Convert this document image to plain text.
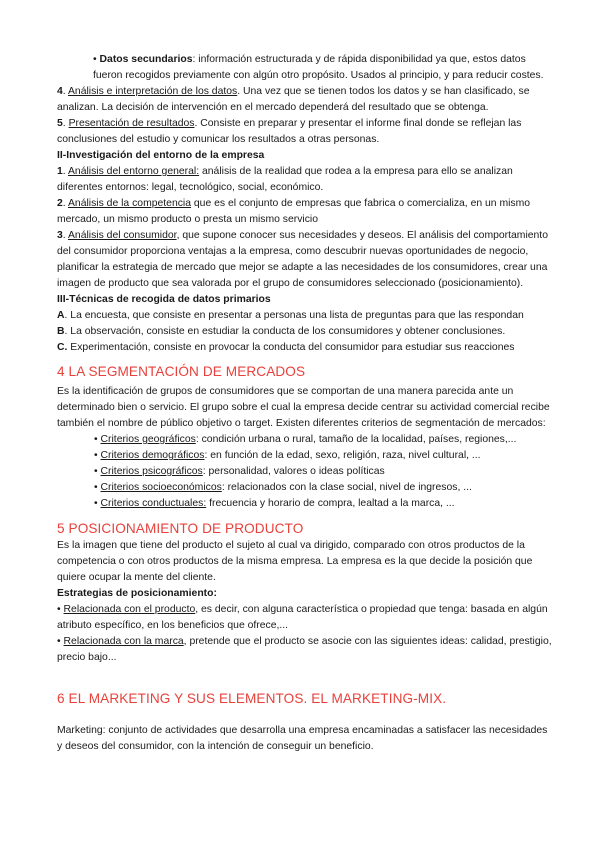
• Datos secundarios: información estructurada y de rápida disponibilidad ya que, estos datos fueron recogidos previamente con algún otro propósito. Usados al principio, y para reducir costes.

4. Análisis e interpretación de los datos. Una vez que se tienen todos los datos y se han clasificado, se analizan. La decisión de intervención en el mercado dependerá del resultado que se obtenga.

5. Presentación de resultados. Consiste en preparar y presentar el informe final donde se reflejan las conclusiones del estudio y comunicar los resultados a otras personas.

II-Investigación del entorno de la empresa

1. Análisis del entorno general: análisis de la realidad que rodea a la empresa para ello se analizan diferentes entornos: legal, tecnológico, social, económico.

2. Análisis de la competencia que es el conjunto de empresas que fabrica o comercializa, en un mismo mercado, un mismo producto o presta un mismo servicio

3. Análisis del consumidor, que supone conocer sus necesidades y deseos. El análisis del comportamiento del consumidor proporciona ventajas a la empresa, como descubrir nuevas oportunidades de negocio, planificar la estrategia de mercado que mejor se adapte a las necesidades de los consumidores, crear una imagen de producto que sea valorada por el grupo de consumidores seleccionado (posicionamiento).

III-Técnicas de recogida de datos primarios

A. La encuesta, que consiste en presentar a personas una lista de preguntas para que las respondan

B. La observación, consiste en estudiar la conducta de los consumidores y obtener conclusiones.

C. Experimentación, consiste en provocar la conducta del consumidor para estudiar sus reacciones

4 LA SEGMENTACIÓN DE MERCADOS

Es la identificación de grupos de consumidores que se comportan de una manera parecida ante un determinado bien o servicio. El grupo sobre el cual la empresa decide centrar su actividad comercial recibe también el nombre de público objetivo o target. Existen diferentes criterios de segmentación de mercados:

• Criterios geográficos: condición urbana o rural, tamaño de la localidad, países, regiones,...

• Criterios demográficos: en función de la edad, sexo, religión, raza, nivel cultural, ...

• Criterios psicográficos: personalidad, valores o ideas políticas

• Criterios socioeconómicos: relacionados con la clase social, nivel de ingresos, ...

• Criterios conductuales: frecuencia y horario de compra, lealtad a la marca, ...

5 POSICIONAMIENTO DE PRODUCTO

Es la imagen que tiene del producto el sujeto al cual va dirigido, comparado con otros productos de la competencia o con otros productos de la misma empresa. La empresa es la que decide la posición que quiere ocupar la mente del cliente.

Estrategias de posicionamiento:

• Relacionada con el producto, es decir, con alguna característica o propiedad que tenga: basada en algún atributo específico, en los beneficios que ofrece,...

• Relacionada con la marca, pretende que el producto se asocie con las siguientes ideas: calidad, prestigio, precio bajo...

6 EL MARKETING Y SUS ELEMENTOS. EL MARKETING-MIX.

Marketing: conjunto de actividades que desarrolla una empresa encaminadas a satisfacer las necesidades y deseos del consumidor, con la intención de conseguir un beneficio.
